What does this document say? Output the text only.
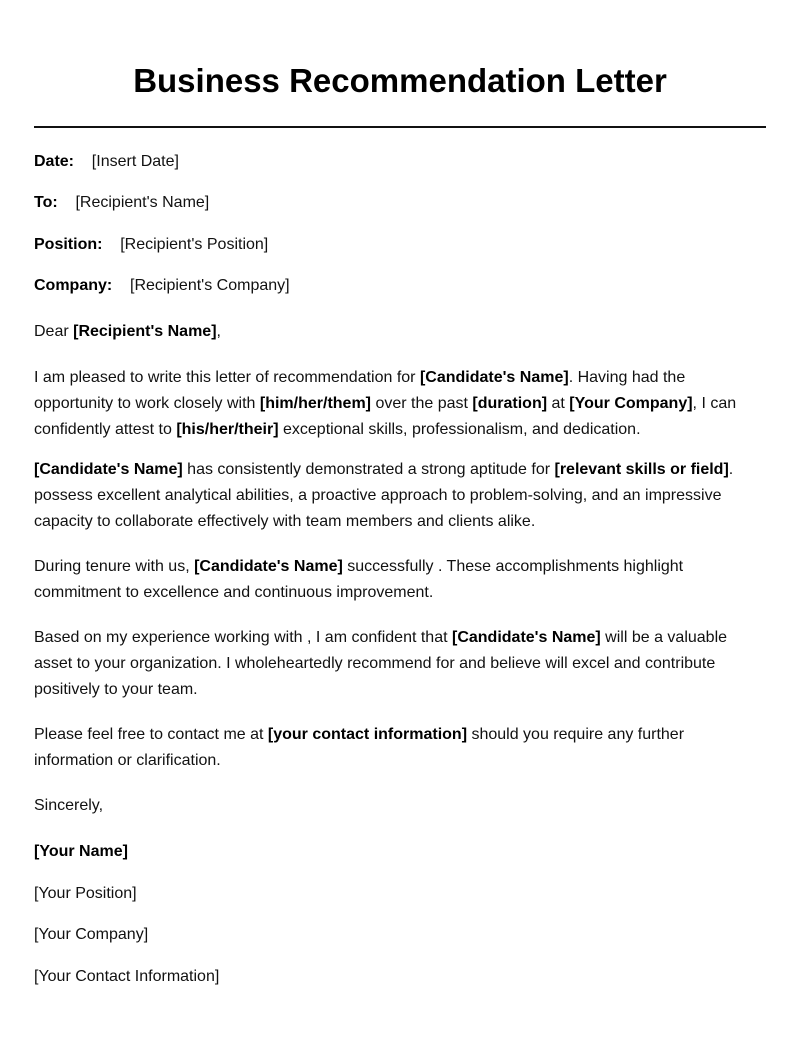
Business Recommendation Letter
Date: [Insert Date]
To: [Recipient's Name]
Position: [Recipient's Position]
Company: [Recipient's Company]
Dear [Recipient's Name],
I am pleased to write this letter of recommendation for [Candidate's Name]. Having had the opportunity to work closely with [him/her/them] over the past [duration] at [Your Company], I can confidently attest to [his/her/their] exceptional skills, professionalism, and dedication.
[Candidate's Name] has consistently demonstrated a strong aptitude for [relevant skills or field]. possess excellent analytical abilities, a proactive approach to problem-solving, and an impressive capacity to collaborate effectively with team members and clients alike.
During tenure with us, [Candidate's Name] successfully . These accomplishments highlight commitment to excellence and continuous improvement.
Based on my experience working with , I am confident that [Candidate's Name] will be a valuable asset to your organization. I wholeheartedly recommend for and believe will excel and contribute positively to your team.
Please feel free to contact me at [your contact information] should you require any further information or clarification.
Sincerely,
[Your Name]
[Your Position]
[Your Company]
[Your Contact Information]
